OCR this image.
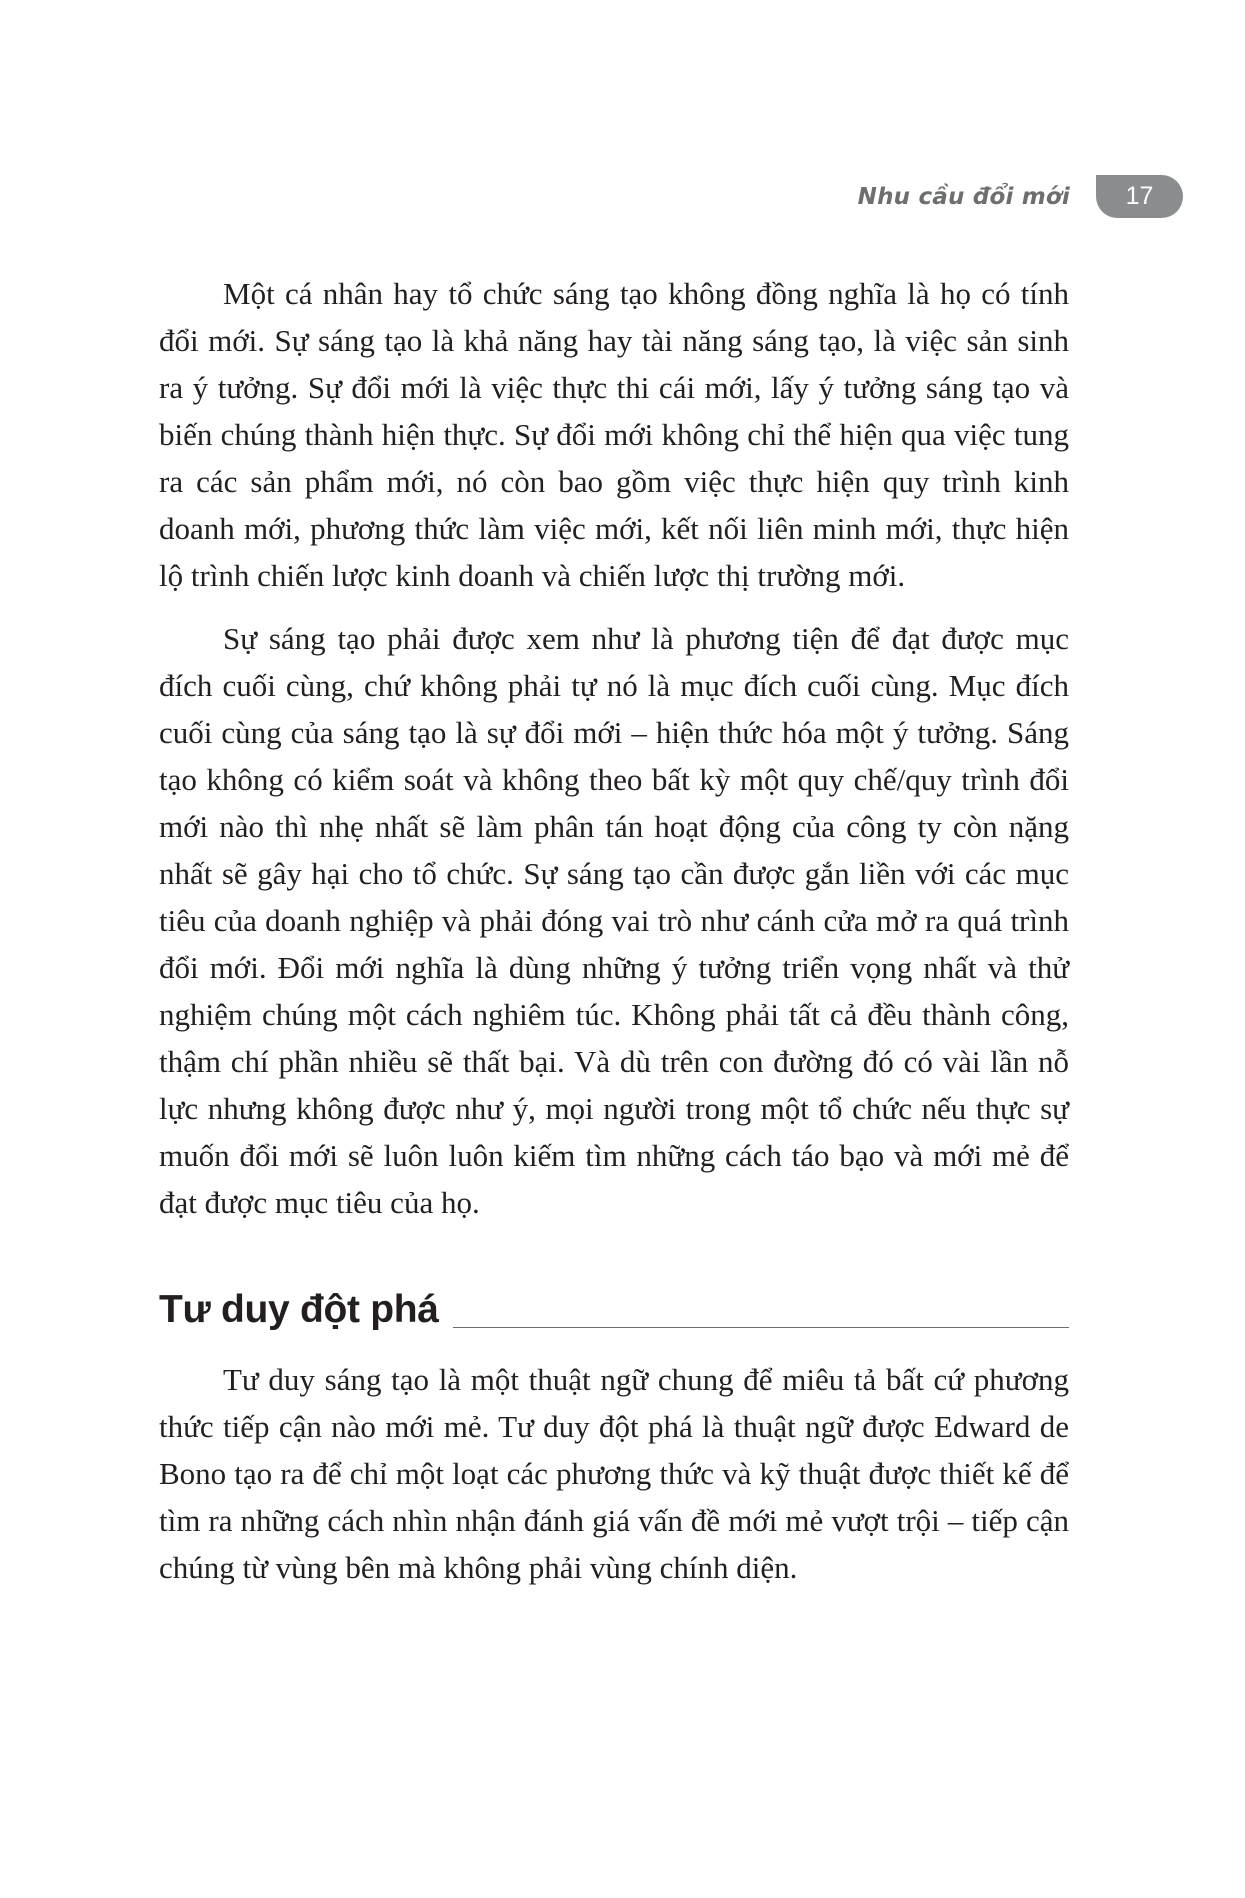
Nhu cầu đổi mới	17

Một cá nhân hay tổ chức sáng tạo không đồng nghĩa là họ có tính đổi mới. Sự sáng tạo là khả năng hay tài năng sáng tạo, là việc sản sinh ra ý tưởng. Sự đổi mới là việc thực thi cái mới, lấy ý tưởng sáng tạo và biến chúng thành hiện thực. Sự đổi mới không chỉ thể hiện qua việc tung ra các sản phẩm mới, nó còn bao gồm việc thực hiện quy trình kinh doanh mới, phương thức làm việc mới, kết nối liên minh mới, thực hiện lộ trình chiến lược kinh doanh và chiến lược thị trường mới.

Sự sáng tạo phải được xem như là phương tiện để đạt được mục đích cuối cùng, chứ không phải tự nó là mục đích cuối cùng. Mục đích cuối cùng của sáng tạo là sự đổi mới – hiện thức hóa một ý tưởng. Sáng tạo không có kiểm soát và không theo bất kỳ một quy chế/quy trình đổi mới nào thì nhẹ nhất sẽ làm phân tán hoạt động của công ty còn nặng nhất sẽ gây hại cho tổ chức. Sự sáng tạo cần được gắn liền với các mục tiêu của doanh nghiệp và phải đóng vai trò như cánh cửa mở ra quá trình đổi mới. Đổi mới nghĩa là dùng những ý tưởng triển vọng nhất và thử nghiệm chúng một cách nghiêm túc. Không phải tất cả đều thành công, thậm chí phần nhiều sẽ thất bại. Và dù trên con đường đó có vài lần nỗ lực nhưng không được như ý, mọi người trong một tổ chức nếu thực sự muốn đổi mới sẽ luôn luôn kiếm tìm những cách táo bạo và mới mẻ để đạt được mục tiêu của họ.

Tư duy đột phá

Tư duy sáng tạo là một thuật ngữ chung để miêu tả bất cứ phương thức tiếp cận nào mới mẻ. Tư duy đột phá là thuật ngữ được Edward de Bono tạo ra để chỉ một loạt các phương thức và kỹ thuật được thiết kế để tìm ra những cách nhìn nhận đánh giá vấn đề mới mẻ vượt trội – tiếp cận chúng từ vùng bên mà không phải vùng chính diện.
